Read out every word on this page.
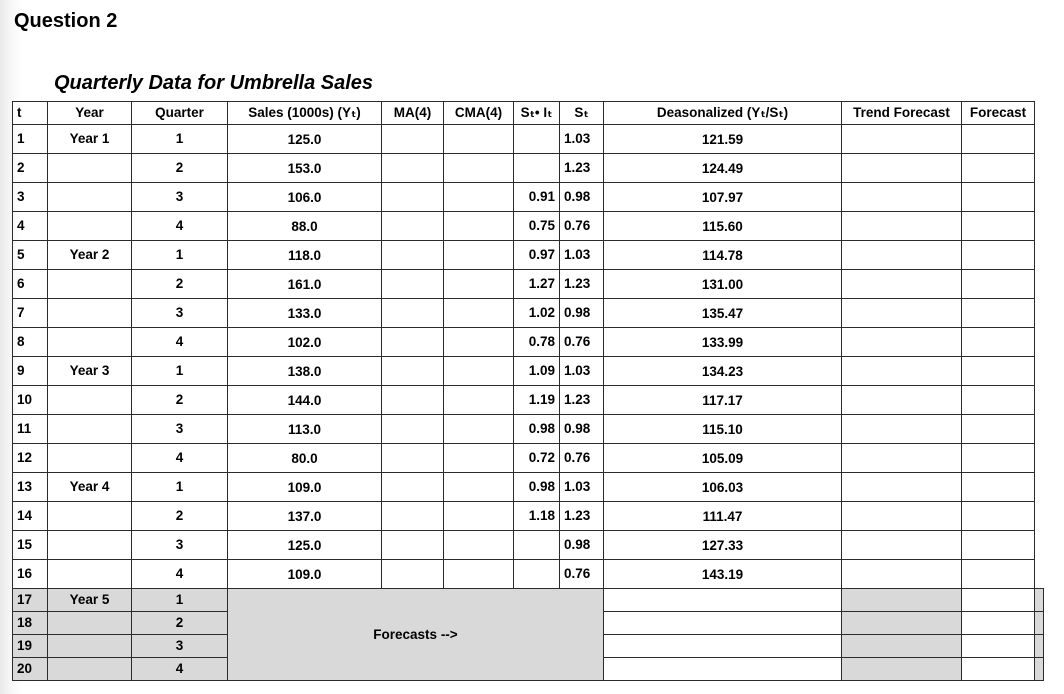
Question 2
Quarterly Data for Umbrella Sales
t	Year	Quarter	Sales (1000s) (Yₜ)	MA(4)	CMA(4)	Sₜ• Iₜ	Sₜ	Deasonalized (Yₜ/Sₜ)	Trend Forecast	Forecast	
1	Year 1	1	125.0				1.03	121.59			
2		2	153.0				1.23	124.49			
3		3	106.0			0.91	0.98	107.97			
4		4	88.0			0.75	0.76	115.60			
5	Year 2	1	118.0			0.97	1.03	114.78			
6		2	161.0			1.27	1.23	131.00			
7		3	133.0			1.02	0.98	135.47			
8		4	102.0			0.78	0.76	133.99			
9	Year 3	1	138.0			1.09	1.03	134.23			
10		2	144.0			1.19	1.23	117.17			
11		3	113.0			0.98	0.98	115.10			
12		4	80.0			0.72	0.76	105.09			
13	Year 4	1	109.0			0.98	1.03	106.03			
14		2	137.0			1.18	1.23	111.47			
15		3	125.0				0.98	127.33			
16		4	109.0				0.76	143.19			
17	Year 5	1	Forecasts -->								
18		2									
19		3									
20		4									
